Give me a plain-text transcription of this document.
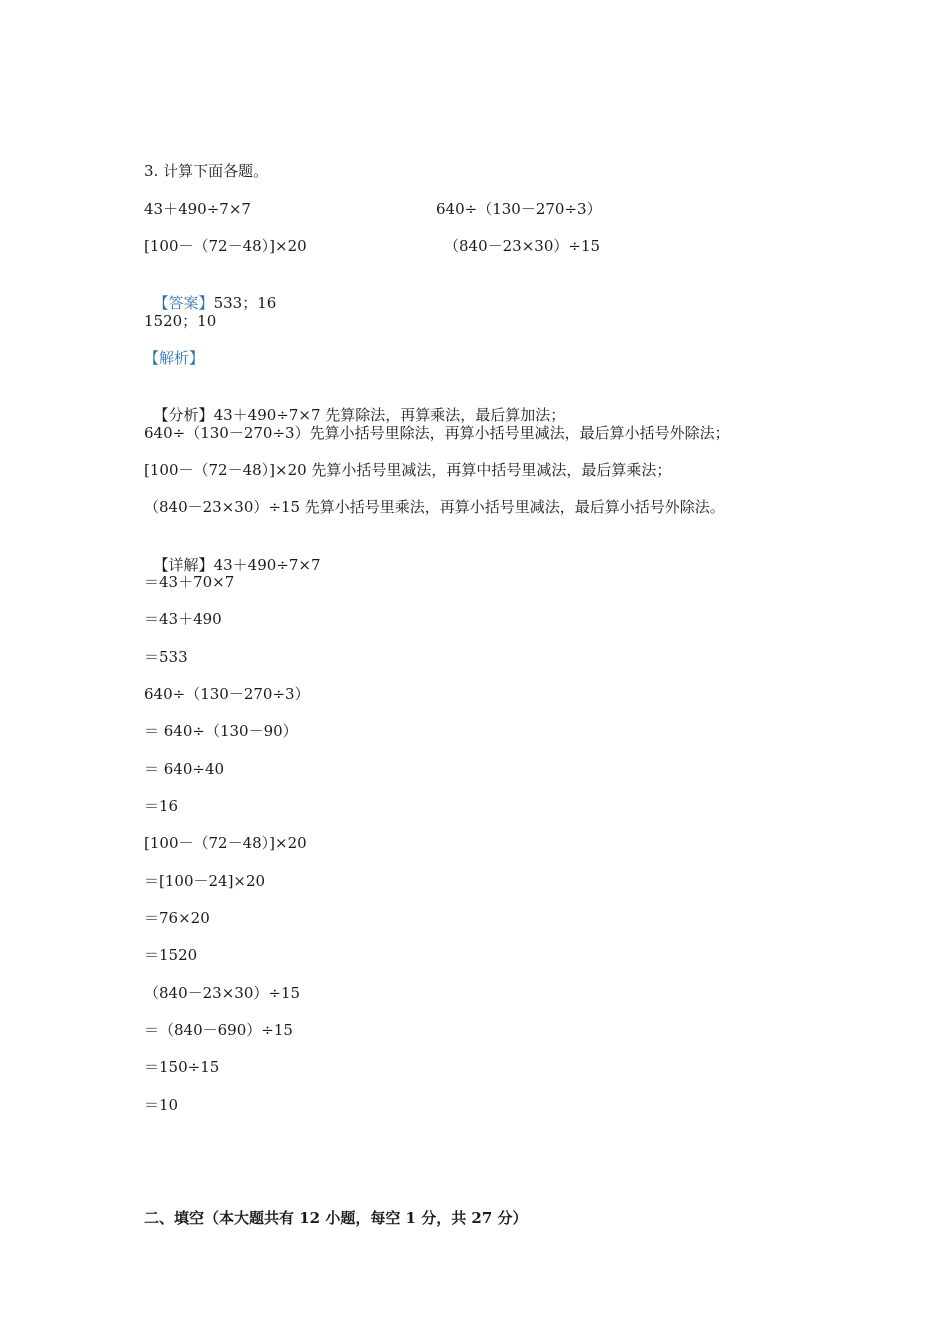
3. 计算下面各题。
43＋490÷7×7	640÷（130－270÷3）
[100－（72－48）]×20	（840－23×30）÷15

【答案】533；16

1520；10
【解析】

【分析】43＋490÷7×7 先算除法，再算乘法，最后算加法；

640÷（130－270÷3）先算小括号里除法，再算小括号里减法，最后算小括号外除法；
[100－（72－48）]×20 先算小括号里减法，再算中括号里减法，最后算乘法；
（840－23×30）÷15 先算小括号里乘法，再算小括号里减法，最后算小括号外除法。

【详解】43＋490÷7×7

＝43＋70×7
＝43＋490
＝533
640÷（130－270÷3）
＝ 640÷（130－90）
＝ 640÷40
＝16
[100－（72－48）]×20
＝[100－24]×20
＝76×20
＝1520
（840－23×30）÷15
＝（840－690）÷15
＝150÷15
＝10
二、填空（本大题共有 12 小题，每空 1 分，共 27 分）
